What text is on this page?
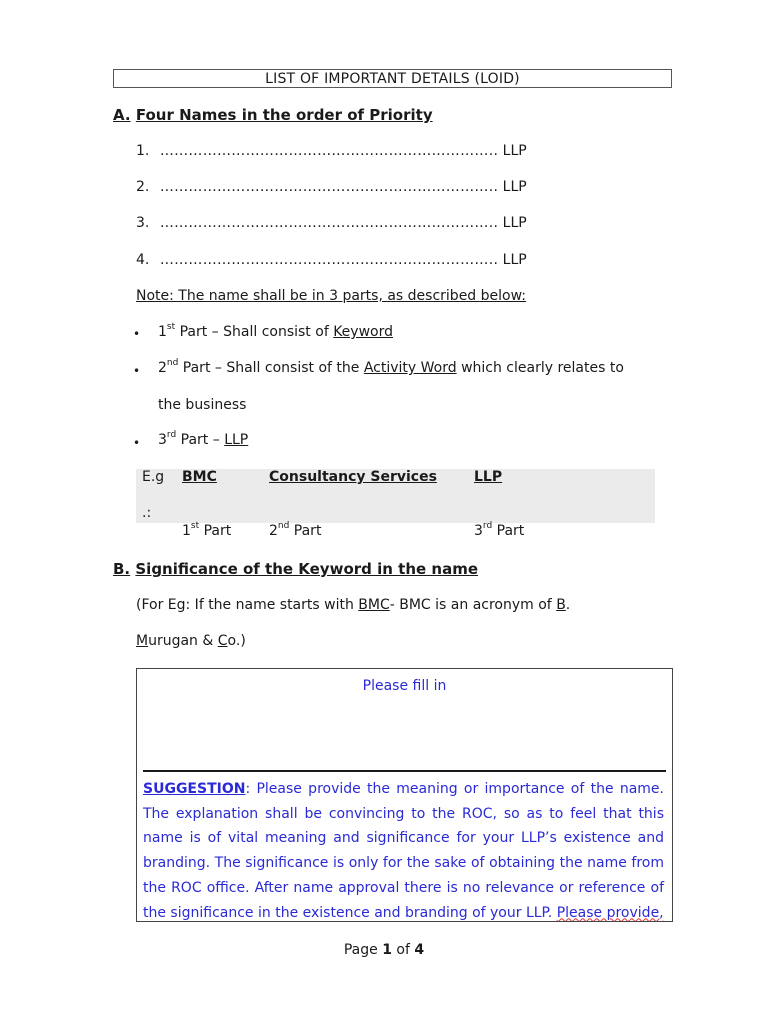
LIST OF IMPORTANT DETAILS (LOID)
A. Four Names in the order of Priority
1. …………………………………………………………….. LLP
2. …………………………………………………………….. LLP
3. …………………………………………………………….. LLP
4. …………………………………………………………….. LLP
Note: The name shall be in 3 parts, as described below:
• 1st Part – Shall consist of Keyword
• 2nd Part – Shall consist of the Activity Word which clearly relates to
the business
• 3rd Part – LLP
E.g
.:
BMC	Consultancy Services	LLP
1st Part	2nd Part	3rd Part
B. Significance of the Keyword in the name
(For Eg: If the name starts with BMC- BMC is an acronym of B.
Murugan & Co.)
Please fill in
SUGGESTION: Please provide the meaning or importance of the name. The explanation shall be convincing to the ROC, so as to feel that this name is of vital meaning and significance for your LLP’s existence and branding. The significance is only for the sake of obtaining the name from the ROC office. After name approval there is no relevance or reference of the significance in the existence and branding of your LLP. Please provide,
Page 1 of 4
